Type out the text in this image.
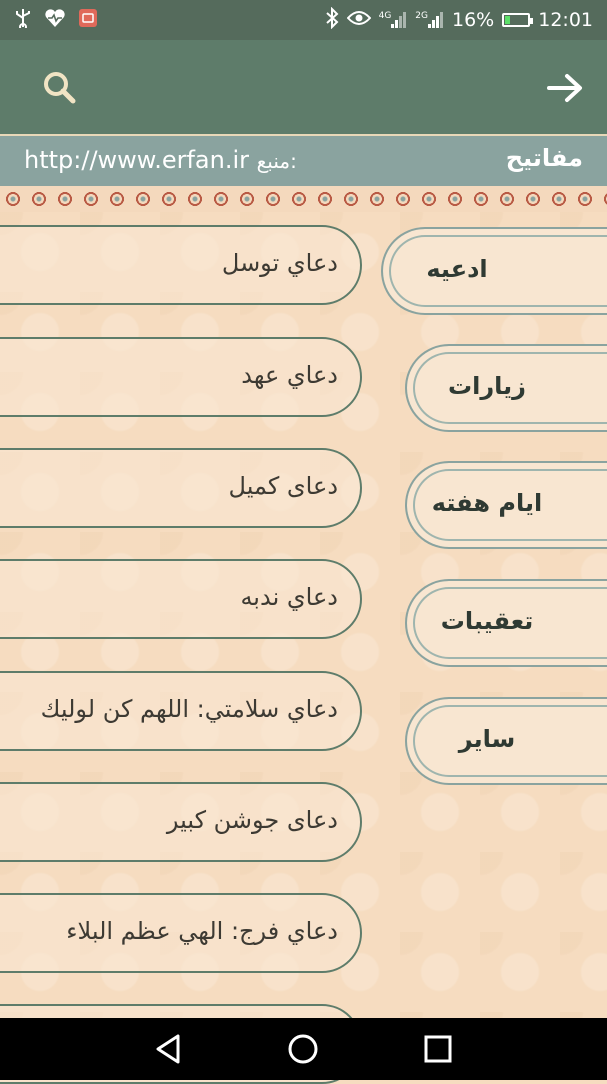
4G	2G 16% 12:01
مفاتيح
http://www.erfan.ir منبع:
دعاي توسل
دعاي عهد
دعای کمیل
دعاي ندبه
دعاي سلامتي: اللهم كن لوليك
دعای جوشن کبیر
دعاي فرج: الهي عظم البلاء
ادعيه
زيارات
ايام هفته
تعقيبات
ساير
